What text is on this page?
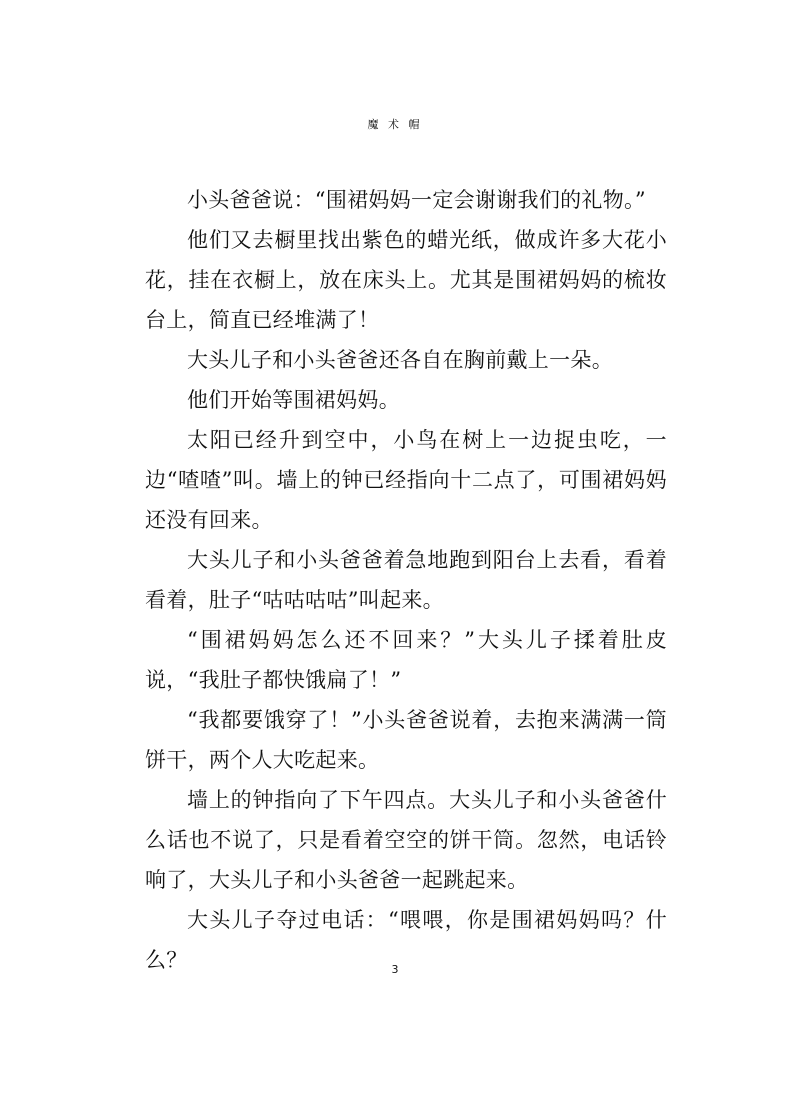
魔 术 帽

小头爸爸说：“围裙妈妈一定会谢谢我们的礼物。”

他们又去橱里找出紫色的蜡光纸，做成许多大花小花，挂在衣橱上，放在床头上。尤其是围裙妈妈的梳妆台上，简直已经堆满了！

大头儿子和小头爸爸还各自在胸前戴上一朵。

他们开始等围裙妈妈。

太阳已经升到空中，小鸟在树上一边捉虫吃，一边“喳喳”叫。墙上的钟已经指向十二点了，可围裙妈妈还没有回来。

大头儿子和小头爸爸着急地跑到阳台上去看，看着看着，肚子“咕咕咕咕”叫起来。

“围裙妈妈怎么还不回来？”大头儿子揉着肚皮说，“我肚子都快饿扁了！”

“我都要饿穿了！”小头爸爸说着，去抱来满满一筒饼干，两个人大吃起来。

墙上的钟指向了下午四点。大头儿子和小头爸爸什么话也不说了，只是看着空空的饼干筒。忽然，电话铃响了，大头儿子和小头爸爸一起跳起来。

大头儿子夺过电话：“喂喂，你是围裙妈妈吗？什么？	3
